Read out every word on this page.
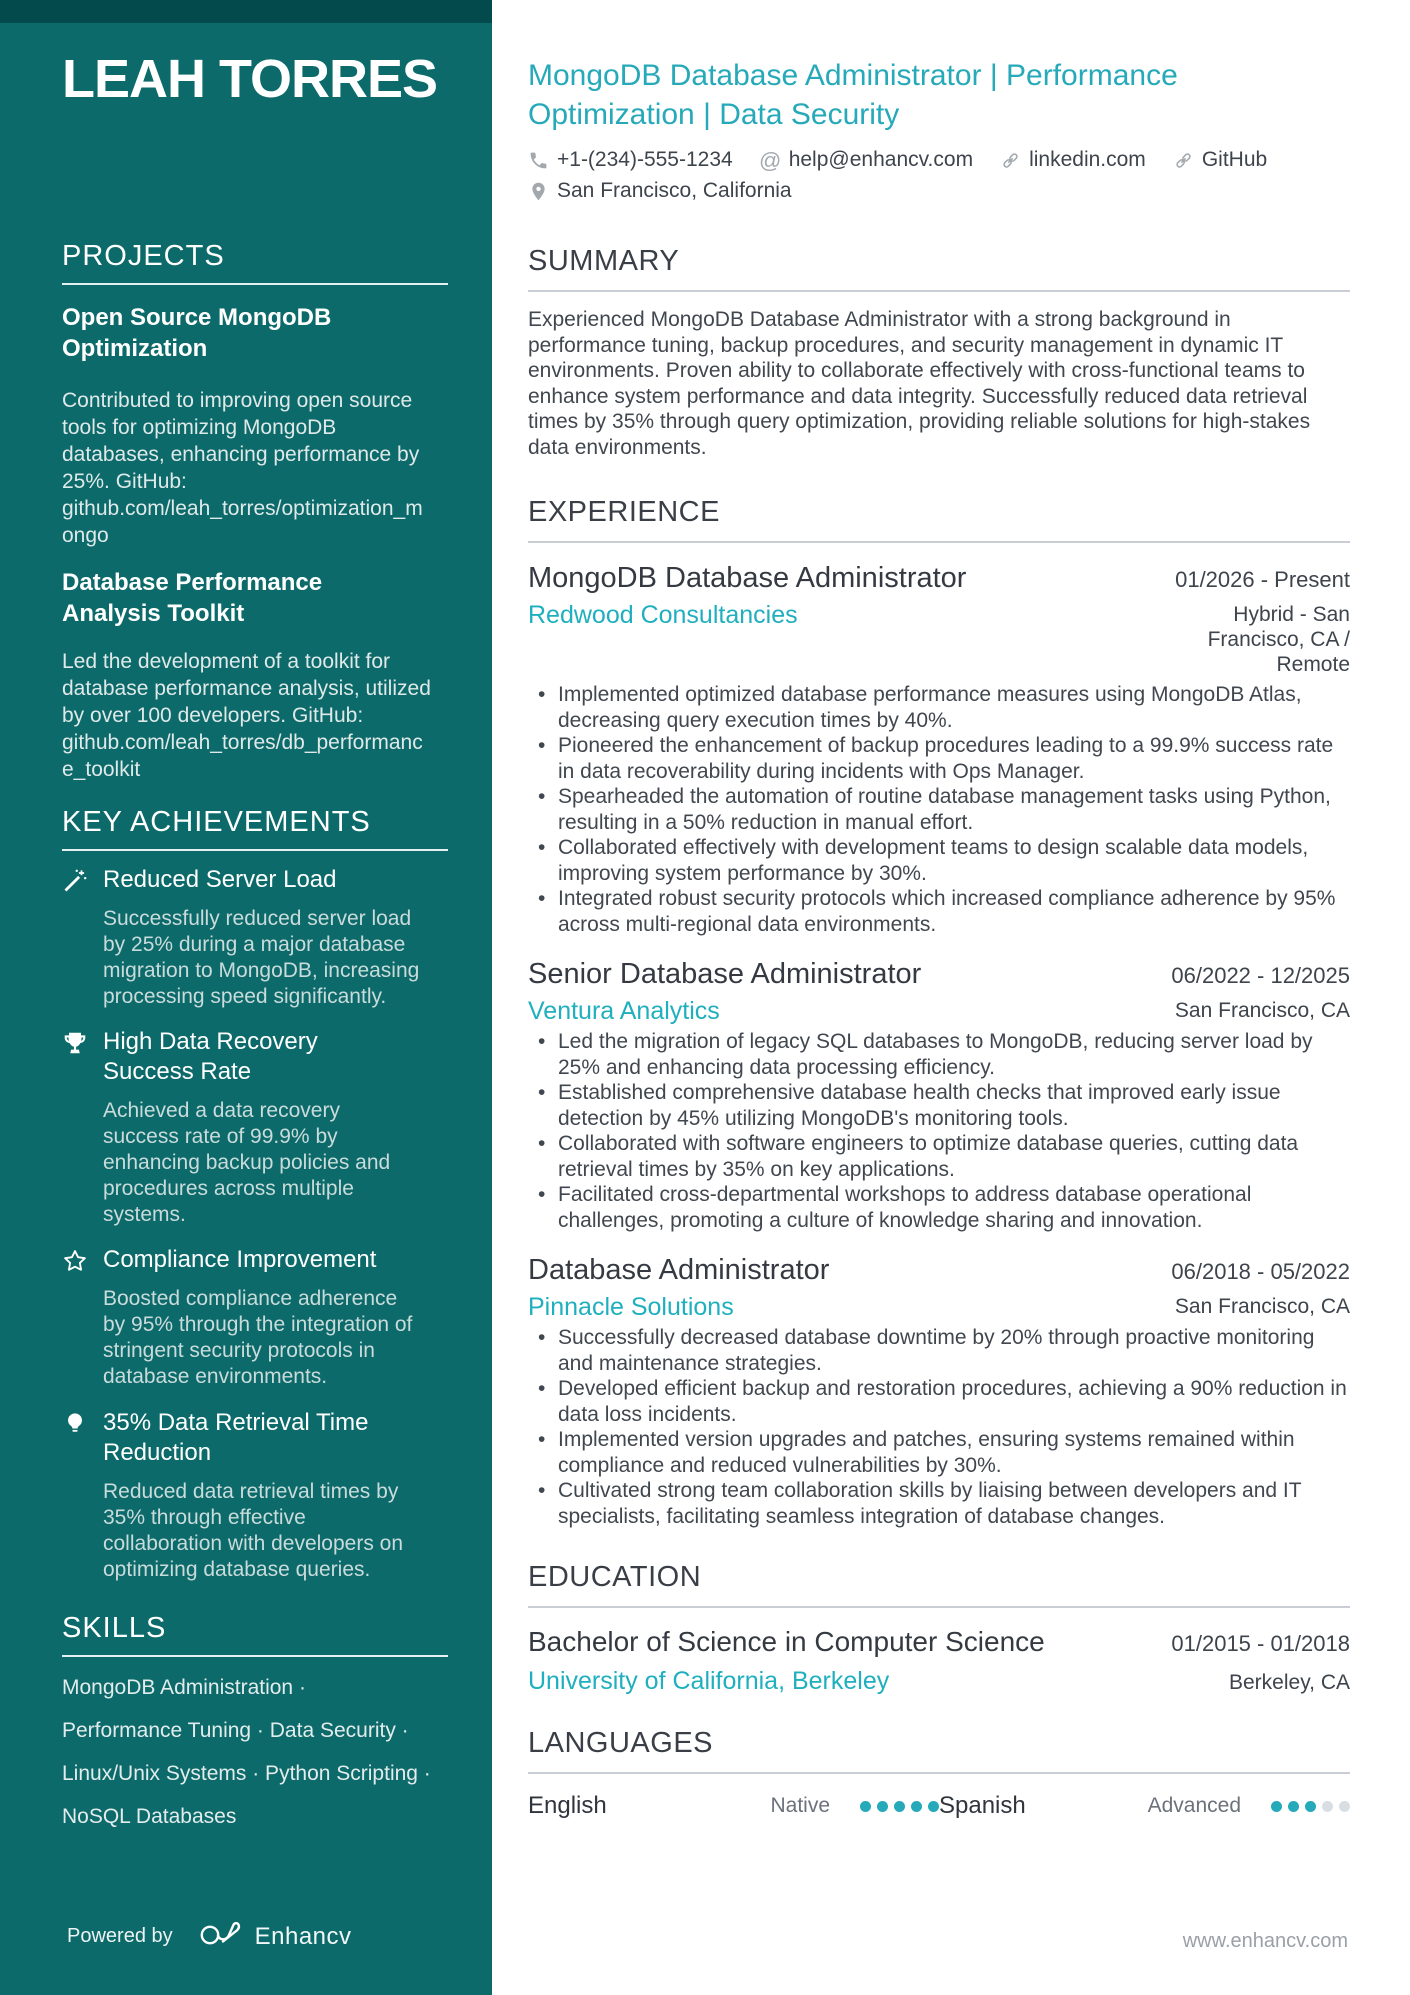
LEAH TORRES
PROJECTS
Open Source MongoDB Optimization
Contributed to improving open source tools for optimizing MongoDB databases, enhancing performance by 25%. GitHub: github.com/leah_torres/optimization_mongo
Database Performance Analysis Toolkit
Led the development of a toolkit for database performance analysis, utilized by over 100 developers. GitHub: github.com/leah_torres/db_performance_toolkit
KEY ACHIEVEMENTS
Reduced Server Load
Successfully reduced server load by 25% during a major database migration to MongoDB, increasing processing speed significantly.
High Data Recovery Success Rate
Achieved a data recovery success rate of 99.9% by enhancing backup policies and procedures across multiple systems.
Compliance Improvement
Boosted compliance adherence by 95% through the integration of stringent security protocols in database environments.
35% Data Retrieval Time Reduction
Reduced data retrieval times by 35% through effective collaboration with developers on optimizing database queries.
SKILLS
MongoDB Administration ·
Performance Tuning · Data Security ·
Linux/Unix Systems · Python Scripting ·
NoSQL Databases
Powered by	Enhancv
MongoDB Database Administrator | Performance Optimization | Data Security
+1-(234)-555-1234 @ help@enhancv.com	linkedin.com	GitHub
San Francisco, California
SUMMARY

Experienced MongoDB Database Administrator with a strong background in performance tuning, backup procedures, and security management in dynamic IT environments. Proven ability to collaborate effectively with cross-functional teams to enhance system performance and data integrity. Successfully reduced data retrieval times by 35% through query optimization, providing reliable solutions for high-stakes data environments.

EXPERIENCE
MongoDB Database Administrator	01/2026 - Present
Redwood Consultancies	Hybrid - San Francisco, CA / Remote
• Implemented optimized database performance measures using MongoDB Atlas, decreasing query execution times by 40%.
• Pioneered the enhancement of backup procedures leading to a 99.9% success rate in data recoverability during incidents with Ops Manager.
• Spearheaded the automation of routine database management tasks using Python, resulting in a 50% reduction in manual effort.
• Collaborated effectively with development teams to design scalable data models, improving system performance by 30%.
• Integrated robust security protocols which increased compliance adherence by 95% across multi-regional data environments.
Senior Database Administrator	06/2022 - 12/2025
Ventura Analytics	San Francisco, CA
• Led the migration of legacy SQL databases to MongoDB, reducing server load by 25% and enhancing data processing efficiency.
• Established comprehensive database health checks that improved early issue detection by 45% utilizing MongoDB's monitoring tools.
• Collaborated with software engineers to optimize database queries, cutting data retrieval times by 35% on key applications.
• Facilitated cross-departmental workshops to address database operational challenges, promoting a culture of knowledge sharing and innovation.
Database Administrator	06/2018 - 05/2022
Pinnacle Solutions	San Francisco, CA
• Successfully decreased database downtime by 20% through proactive monitoring and maintenance strategies.
• Developed efficient backup and restoration procedures, achieving a 90% reduction in data loss incidents.
• Implemented version upgrades and patches, ensuring systems remained within compliance and reduced vulnerabilities by 30%.
• Cultivated strong team collaboration skills by liaising between developers and IT specialists, facilitating seamless integration of database changes.
EDUCATION
Bachelor of Science in Computer Science	01/2015 - 01/2018
University of California, Berkeley	Berkeley, CA
LANGUAGES
English	Native	Spanish	Advanced
www.enhancv.com
